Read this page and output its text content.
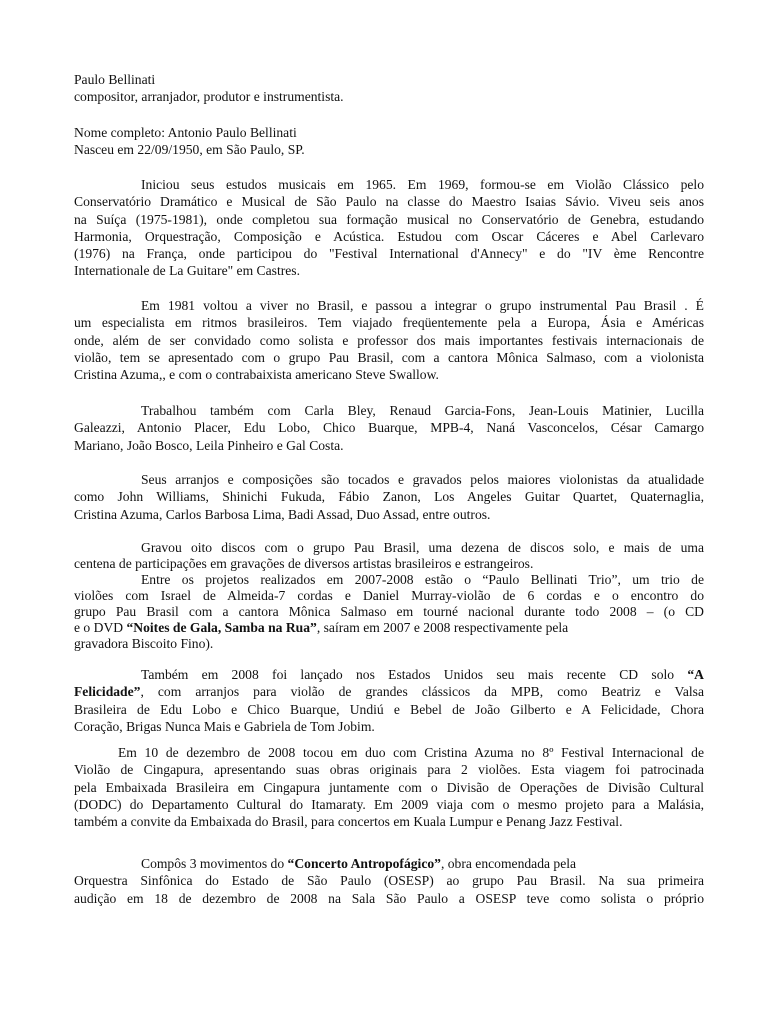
Paulo Bellinati
compositor, arranjador, produtor e instrumentista.
Nome completo: Antonio Paulo Bellinati
Nasceu em 22/09/1950, em São Paulo, SP.
Iniciou seus estudos musicais em 1965. Em 1969, formou-se em Violão Clássico pelo
Conservatório Dramático e Musical de São Paulo na classe do Maestro Isaias Sávio. Viveu seis anos
na Suíça (1975-1981), onde completou sua formação musical no Conservatório de Genebra, estudando
Harmonia, Orquestração, Composição e Acústica. Estudou com Oscar Cáceres e Abel Carlevaro
(1976) na França, onde participou do "Festival International d'Annecy" e do "IV ème Rencontre
Internationale de La Guitare" em Castres.
Em 1981 voltou a viver no Brasil, e passou a integrar o grupo instrumental Pau Brasil . É
um especialista em ritmos brasileiros. Tem viajado freqüentemente pela a Europa, Ásia e Américas
onde, além de ser convidado como solista e professor dos mais importantes festivais internacionais de
violão, tem se apresentado com o grupo Pau Brasil, com a cantora Mônica Salmaso, com a violonista
Cristina Azuma,, e com o contrabaixista americano Steve Swallow.
Trabalhou também com Carla Bley, Renaud Garcia-Fons, Jean-Louis Matinier, Lucilla
Galeazzi, Antonio Placer, Edu Lobo, Chico Buarque, MPB-4, Naná Vasconcelos, César Camargo
Mariano, João Bosco, Leila Pinheiro e Gal Costa.
Seus arranjos e composições são tocados e gravados pelos maiores violonistas da atualidade
como John Williams, Shinichi Fukuda, Fábio Zanon, Los Angeles Guitar Quartet, Quaternaglia,
Cristina Azuma, Carlos Barbosa Lima, Badi Assad, Duo Assad, entre outros.
Gravou oito discos com o grupo Pau Brasil, uma dezena de discos solo, e mais de uma
centena de participações em gravações de diversos artistas brasileiros e estrangeiros.
Entre os projetos realizados em 2007-2008 estão o “Paulo Bellinati Trio”, um trio de
violões com Israel de Almeida-7 cordas e Daniel Murray-violão de 6 cordas e o encontro do
grupo Pau Brasil com a cantora Mônica Salmaso em tourné nacional durante todo 2008 – (o CD
e o DVD “Noites de Gala, Samba na Rua”, saíram em 2007 e 2008 respectivamente pela
gravadora Biscoito Fino).
Também em 2008 foi lançado nos Estados Unidos seu mais recente CD solo “A
Felicidade”, com arranjos para violão de grandes clássicos da MPB, como Beatriz e Valsa
Brasileira de Edu Lobo e Chico Buarque, Undiú e Bebel de João Gilberto e A Felicidade, Chora
Coração, Brigas Nunca Mais e Gabriela de Tom Jobim.
Em 10 de dezembro de 2008 tocou em duo com Cristina Azuma no 8º Festival Internacional de
Violão de Cingapura, apresentando suas obras originais para 2 violões. Esta viagem foi patrocinada
pela Embaixada Brasileira em Cingapura juntamente com o Divisão de Operações de Divisão Cultural
(DODC) do Departamento Cultural do Itamaraty. Em 2009 viaja com o mesmo projeto para a Malásia,
também a convite da Embaixada do Brasil, para concertos em Kuala Lumpur e Penang Jazz Festival.
Compôs 3 movimentos do “Concerto Antropofágico”, obra encomendada pela
Orquestra Sinfônica do Estado de São Paulo (OSESP) ao grupo Pau Brasil. Na sua primeira
audição em 18 de dezembro de 2008 na Sala São Paulo a OSESP teve como solista o próprio
